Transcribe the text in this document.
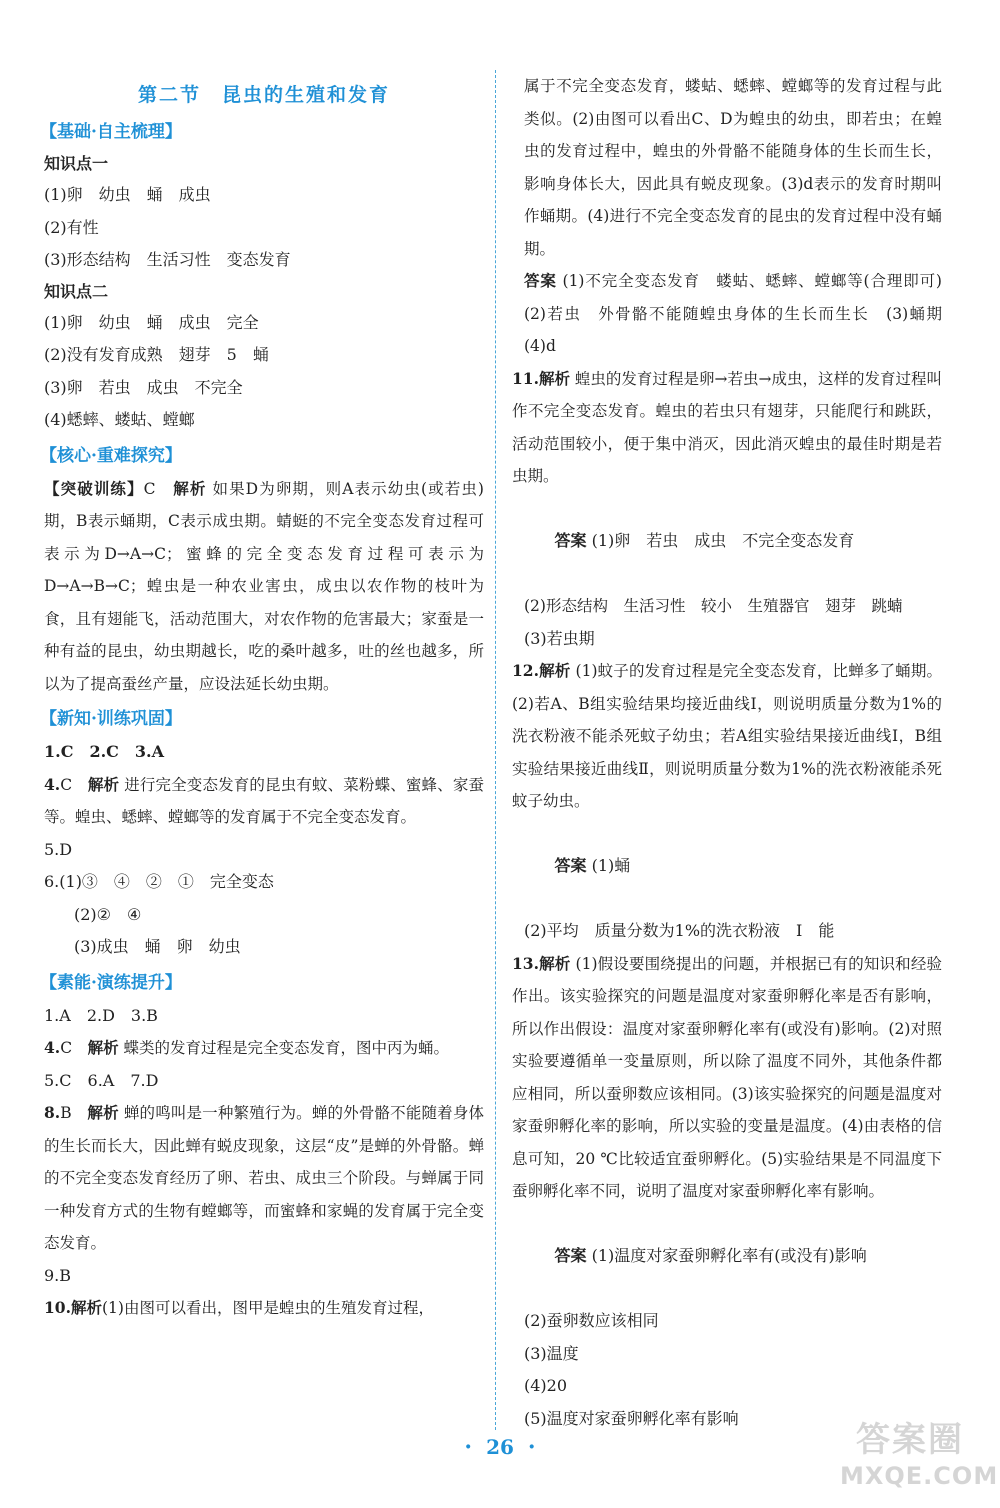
第二节　昆虫的生殖和发育
【基础·自主梳理】
知识点一
(1)卵　幼虫　蛹　成虫
(2)有性
(3)形态结构　生活习性　变态发育
知识点二
(1)卵　幼虫　蛹　成虫　完全
(2)没有发育成熟　翅芽　5　蛹
(3)卵　若虫　成虫　不完全
(4)蟋蟀、蝼蛄、螳螂
【核心·重难探究】
【突破训练】C　解析 如果D为卵期，则A表示幼虫(或若虫)期，B表示蛹期，C表示成虫期。蜻蜓的不完全变态发育过程可表示为D→A→C；蜜蜂的完全变态发育过程可表示为D→A→B→C；蝗虫是一种农业害虫，成虫以农作物的枝叶为食，且有翅能飞，活动范围大，对农作物的危害最大；家蚕是一种有益的昆虫，幼虫期越长，吃的桑叶越多，吐的丝也越多，所以为了提高蚕丝产量，应设法延长幼虫期。
【新知·训练巩固】
1.C　2.C　3.A
4.C　解析 进行完全变态发育的昆虫有蚊、菜粉蝶、蜜蜂、家蚕等。蝗虫、蟋蟀、螳螂等的发育属于不完全变态发育。
5.D
6.(1)③　④　②　①　完全变态
(2)②　④
(3)成虫　蛹　卵　幼虫
【素能·演练提升】
1.A　2.D　3.B
4.C　解析 蝶类的发育过程是完全变态发育，图中丙为蛹。
5.C　6.A　7.D
8.B　解析 蝉的鸣叫是一种繁殖行为。蝉的外骨骼不能随着身体的生长而长大，因此蝉有蜕皮现象，这层“皮”是蝉的外骨骼。蝉的不完全变态发育经历了卵、若虫、成虫三个阶段。与蝉属于同一种发育方式的生物有螳螂等，而蜜蜂和家蝇的发育属于完全变态发育。
9.B
10.解析(1)由图可以看出，图甲是蝗虫的生殖发育过程，
属于不完全变态发育，蝼蛄、蟋蟀、螳螂等的发育过程与此类似。(2)由图可以看出C、D为蝗虫的幼虫，即若虫；在蝗虫的发育过程中，蝗虫的外骨骼不能随身体的生长而生长，影响身体长大，因此具有蜕皮现象。(3)d表示的发育时期叫作蛹期。(4)进行不完全变态发育的昆虫的发育过程中没有蛹期。
答案 (1)不完全变态发育　蝼蛄、蟋蟀、螳螂等(合理即可)　(2)若虫　外骨骼不能随蝗虫身体的生长而生长　(3)蛹期　(4)d
11.解析 蝗虫的发育过程是卵→若虫→成虫，这样的发育过程叫作不完全变态发育。蝗虫的若虫只有翅芽，只能爬行和跳跃，活动范围较小，便于集中消灭，因此消灭蝗虫的最佳时期是若虫期。

答案 (1)卵　若虫　成虫　不完全变态发育

(2)形态结构　生活习性　较小　生殖器官　翅芽　跳蝻
(3)若虫期
12.解析 (1)蚊子的发育过程是完全变态发育，比蝉多了蛹期。(2)若A、B组实验结果均接近曲线Ⅰ，则说明质量分数为1%的洗衣粉液不能杀死蚊子幼虫；若A组实验结果接近曲线Ⅰ，B组实验结果接近曲线Ⅱ，则说明质量分数为1%的洗衣粉液能杀死蚊子幼虫。

答案 (1)蛹

(2)平均　质量分数为1%的洗衣粉液　Ⅰ　能
13.解析 (1)假设要围绕提出的问题，并根据已有的知识和经验作出。该实验探究的问题是温度对家蚕卵孵化率是否有影响，所以作出假设：温度对家蚕卵孵化率有(或没有)影响。(2)对照实验要遵循单一变量原则，所以除了温度不同外，其他条件都应相同，所以蚕卵数应该相同。(3)该实验探究的问题是温度对家蚕卵孵化率的影响，所以实验的变量是温度。(4)由表格的信息可知，20 ℃比较适宜蚕卵孵化。(5)实验结果是不同温度下蚕卵孵化率不同，说明了温度对家蚕卵孵化率有影响。

答案 (1)温度对家蚕卵孵化率有(或没有)影响

(2)蚕卵数应该相同
(3)温度
(4)20
(5)温度对家蚕卵孵化率有影响
· 26 ·	答案圈
MXQE.COM
